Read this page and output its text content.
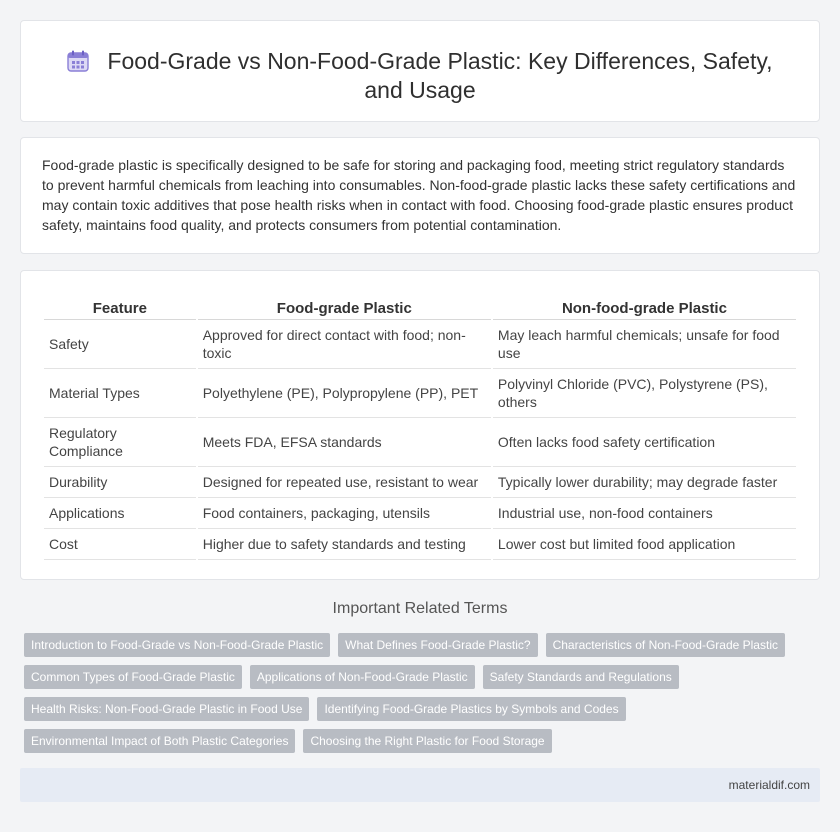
Food-Grade vs Non-Food-Grade Plastic: Key Differences, Safety, and Usage

Food-grade plastic is specifically designed to be safe for storing and packaging food, meeting strict regulatory standards to prevent harmful chemicals from leaching into consumables. Non-food-grade plastic lacks these safety certifications and may contain toxic additives that pose health risks when in contact with food. Choosing food-grade plastic ensures product safety, maintains food quality, and protects consumers from potential contamination.

Feature	Food-grade Plastic	Non-food-grade Plastic
Safety	Approved for direct contact with food; non-toxic	May leach harmful chemicals; unsafe for food use
Material Types	Polyethylene (PE), Polypropylene (PP), PET	Polyvinyl Chloride (PVC), Polystyrene (PS), others
Regulatory Compliance	Meets FDA, EFSA standards	Often lacks food safety certification
Durability	Designed for repeated use, resistant to wear	Typically lower durability; may degrade faster
Applications	Food containers, packaging, utensils	Industrial use, non-food containers
Cost	Higher due to safety standards and testing	Lower cost but limited food application
Important Related Terms
Introduction to Food-Grade vs Non-Food-Grade Plastic	What Defines Food-Grade Plastic?	Characteristics of Non-Food-Grade Plastic
Common Types of Food-Grade Plastic	Applications of Non-Food-Grade Plastic	Safety Standards and Regulations
Health Risks: Non-Food-Grade Plastic in Food Use	Identifying Food-Grade Plastics by Symbols and Codes
Environmental Impact of Both Plastic Categories	Choosing the Right Plastic for Food Storage
materialdif.com
